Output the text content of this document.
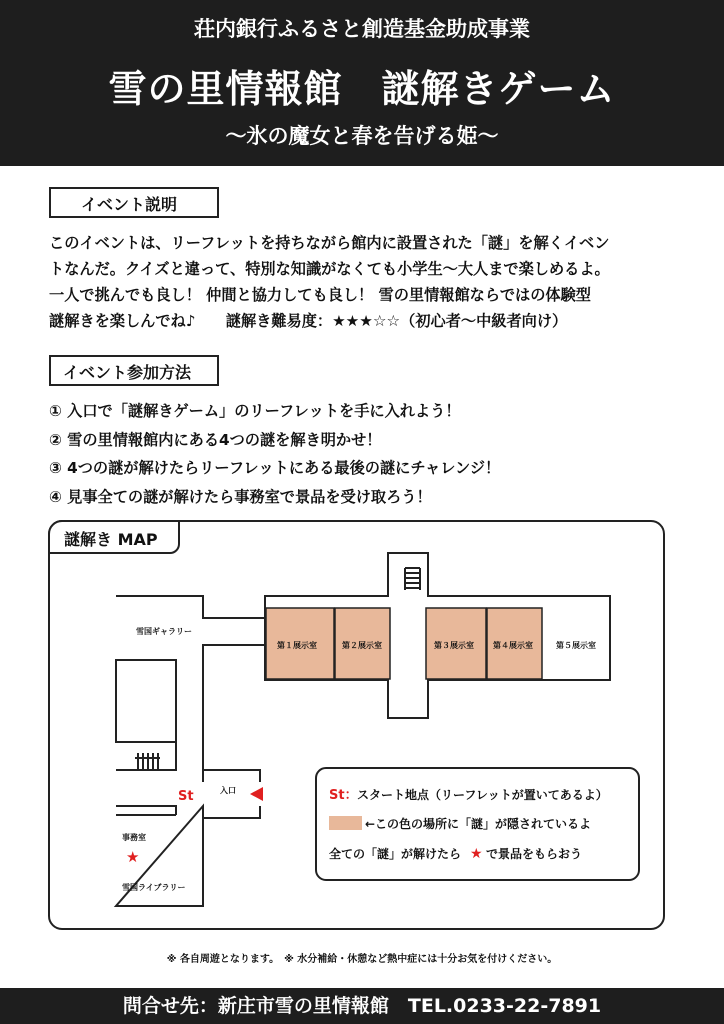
荘内銀行ふるさと創造基金助成事業
雪の里情報館　謎解きゲーム
〜氷の魔女と春を告げる姫〜
イベント説明
このイベントは、リーフレットを持ちながら館内に設置された「謎」を解くイベン
トなんだ。クイズと違って、特別な知識がなくても小学生〜大人まで楽しめるよ。
一人で挑んでも良し！ 仲間と協力しても良し！ 雪の里情報館ならではの体験型
謎解きを楽しんでね♪　　謎解き難易度：★★★☆☆（初心者〜中級者向け）
イベント参加方法
① 入口で「謎解きゲーム」のリーフレットを手に入れよう！
② 雪の里情報館内にある4つの謎を解き明かせ！
③ 4つの謎が解けたらリーフレットにある最後の謎にチャレンジ！
④ 見事全ての謎が解けたら事務室で景品を受け取ろう！
謎解き MAP
雪国ギャラリー
第１展示室	第２展示室	第３展示室 第４展示室	第５展示室
入口
事務室
雪国ライブラリー
St
★
St： スタート地点（リーフレットが置いてあるよ）
←この色の場所に「謎」が隠されているよ
全ての「謎」が解けたら ★ で景品をもらおう
※ 各自周遊となります。　※ 水分補給・休憩など熱中症には十分お気を付けください。
問合せ先：新庄市雪の里情報館　TEL.0233-22-7891
